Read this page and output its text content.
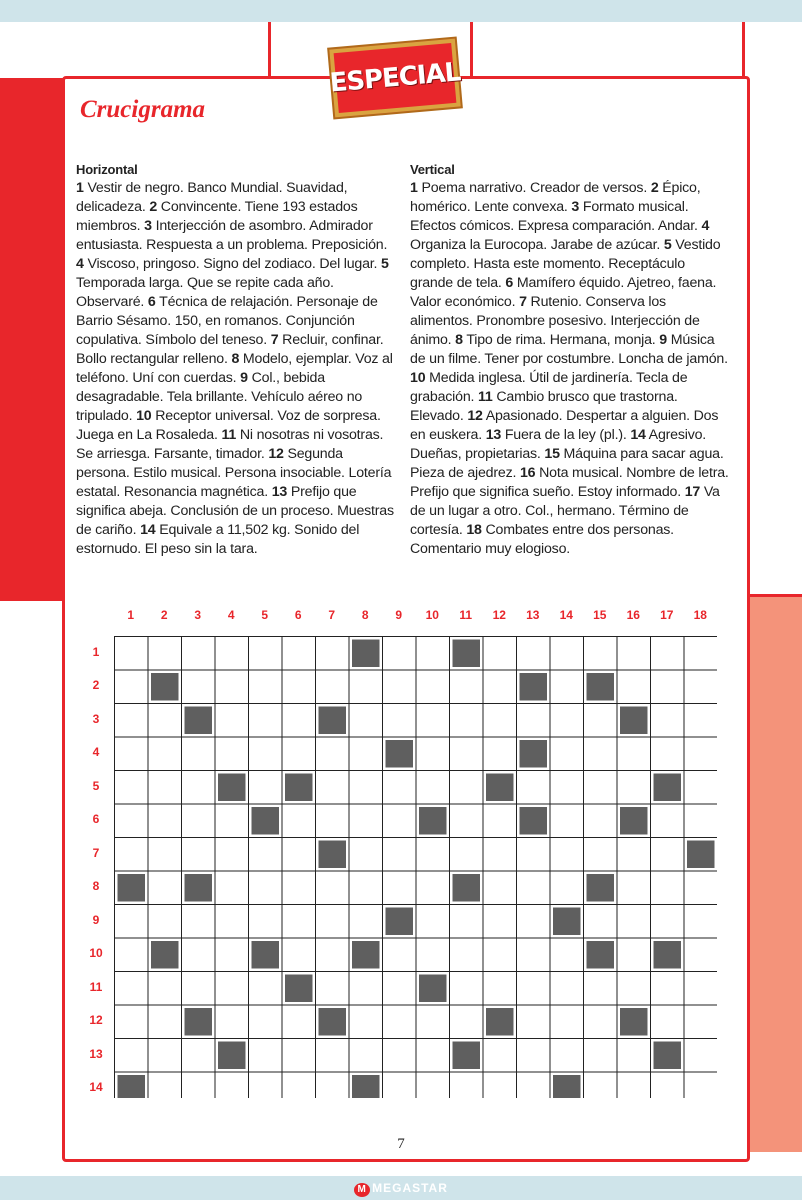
ESPECIAL
Crucigrama
Horizontal
1 Vestir de negro. Banco Mundial. Suavidad, delicadeza. 2 Convincente. Tiene 193 estados miembros. 3 Interjección de asombro. Admirador entusiasta. Respuesta a un problema. Preposición. 4 Viscoso, pringoso. Signo del zodiaco. Del lugar. 5 Temporada larga. Que se repite cada año. Observaré. 6 Técnica de relajación. Personaje de Barrio Sésamo. 150, en romanos. Conjunción copulativa. Símbolo del teneso. 7 Recluir, confinar. Bollo rectangular relleno. 8 Modelo, ejemplar. Voz al teléfono. Uní con cuerdas. 9 Col., bebida desagradable. Tela brillante. Vehículo aéreo no tripulado. 10 Receptor universal. Voz de sorpresa. Juega en La Rosaleda. 11 Ni nosotras ni vosotras. Se arriesga. Farsante, timador. 12 Segunda persona. Estilo musical. Persona insociable. Lotería estatal. Resonancia magnética. 13 Prefijo que significa abeja. Conclusión de un proceso. Muestras de cariño. 14 Equivale a 11,502 kg. Sonido del estornudo. El peso sin la tara.
Vertical
1 Poema narrativo. Creador de versos. 2 Épico, homérico. Lente convexa. 3 Formato musical. Efectos cómicos. Expresa comparación. Andar. 4 Organiza la Eurocopa. Jarabe de azúcar. 5 Vestido completo. Hasta este momento. Receptáculo grande de tela. 6 Mamífero équido. Ajetreo, faena. Valor económico. 7 Rutenio. Conserva los alimentos. Pronombre posesivo. Interjección de ánimo. 8 Tipo de rima. Hermana, monja. 9 Música de un filme. Tener por costumbre. Loncha de jamón. 10 Medida inglesa. Útil de jardinería. Tecla de grabación. 11 Cambio brusco que trastorna. Elevado. 12 Apasionado. Despertar a alguien. Dos en euskera. 13 Fuera de la ley (pl.). 14 Agresivo. Dueñas, propietarias. 15 Máquina para sacar agua. Pieza de ajedrez. 16 Nota musical. Nombre de letra. Prefijo que significa sueño. Estoy informado. 17 Va de un lugar a otro. Col., hermano. Término de cortesía. 18 Combates entre dos personas. Comentario muy elogioso.
1	2	3	4	5	6	7	8	9	10	11	12	13	14	15	16	17	18
1
2
3
4
5
6
7
8
9
10
11
12
13
14
7
M MEGASTAR
